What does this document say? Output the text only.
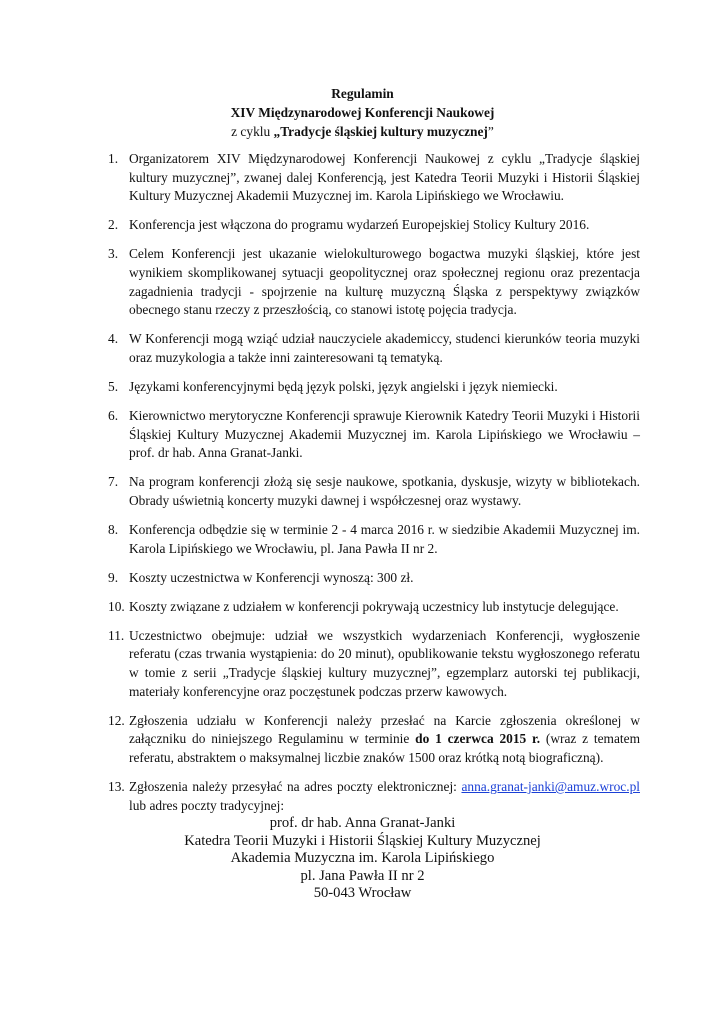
Regulamin
XIV Międzynarodowej Konferencji Naukowej
z cyklu „Tradycje śląskiej kultury muzycznej”
1. Organizatorem XIV Międzynarodowej Konferencji Naukowej z cyklu „Tradycje śląskiej kultury muzycznej”, zwanej dalej Konferencją, jest Katedra Teorii Muzyki i Historii Śląskiej Kultury Muzycznej Akademii Muzycznej im. Karola Lipińskiego we Wrocławiu.
2. Konferencja jest włączona do programu wydarzeń Europejskiej Stolicy Kultury 2016.
3. Celem Konferencji jest ukazanie wielokulturowego bogactwa muzyki śląskiej, które jest wynikiem skomplikowanej sytuacji geopolitycznej oraz społecznej regionu oraz prezentacja zagadnienia tradycji - spojrzenie na kulturę muzyczną Śląska z perspektywy związków obecnego stanu rzeczy z przeszłością, co stanowi istotę pojęcia tradycja.
4. W Konferencji mogą wziąć udział nauczyciele akademiccy, studenci kierunków teoria muzyki oraz muzykologia a także inni zainteresowani tą tematyką.
5. Językami konferencyjnymi będą język polski, język angielski i język niemiecki.
6. Kierownictwo merytoryczne Konferencji sprawuje Kierownik Katedry Teorii Muzyki i Historii Śląskiej Kultury Muzycznej Akademii Muzycznej im. Karola Lipińskiego we Wrocławiu – prof. dr hab. Anna Granat-Janki.
7. Na program konferencji złożą się sesje naukowe, spotkania, dyskusje, wizyty w bibliotekach. Obrady uświetnią koncerty muzyki dawnej i współczesnej oraz wystawy.
8. Konferencja odbędzie się w terminie 2 - 4 marca 2016 r. w siedzibie Akademii Muzycznej im. Karola Lipińskiego we Wrocławiu, pl. Jana Pawła II nr 2.
9. Koszty uczestnictwa w Konferencji wynoszą: 300 zł.
10. Koszty związane z udziałem w konferencji pokrywają uczestnicy lub instytucje delegujące.
11. Uczestnictwo obejmuje: udział we wszystkich wydarzeniach Konferencji, wygłoszenie referatu (czas trwania wystąpienia: do 20 minut), opublikowanie tekstu wygłoszonego referatu w tomie z serii „Tradycje śląskiej kultury muzycznej”, egzemplarz autorski tej publikacji, materiały konferencyjne oraz poczęstunek podczas przerw kawowych.
12. Zgłoszenia udziału w Konferencji należy przesłać na Karcie zgłoszenia określonej w załączniku do niniejszego Regulaminu w terminie do 1 czerwca 2015 r. (wraz z tematem referatu, abstraktem o maksymalnej liczbie znaków 1500 oraz krótką notą biograficzną).
13. Zgłoszenia należy przesyłać na adres poczty elektronicznej: anna.granat-janki@amuz.wroc.pl lub adres poczty tradycyjnej:
prof. dr hab. Anna Granat-Janki
Katedra Teorii Muzyki i Historii Śląskiej Kultury Muzycznej
Akademia Muzyczna im. Karola Lipińskiego
pl. Jana Pawła II nr 2
50-043 Wrocław
